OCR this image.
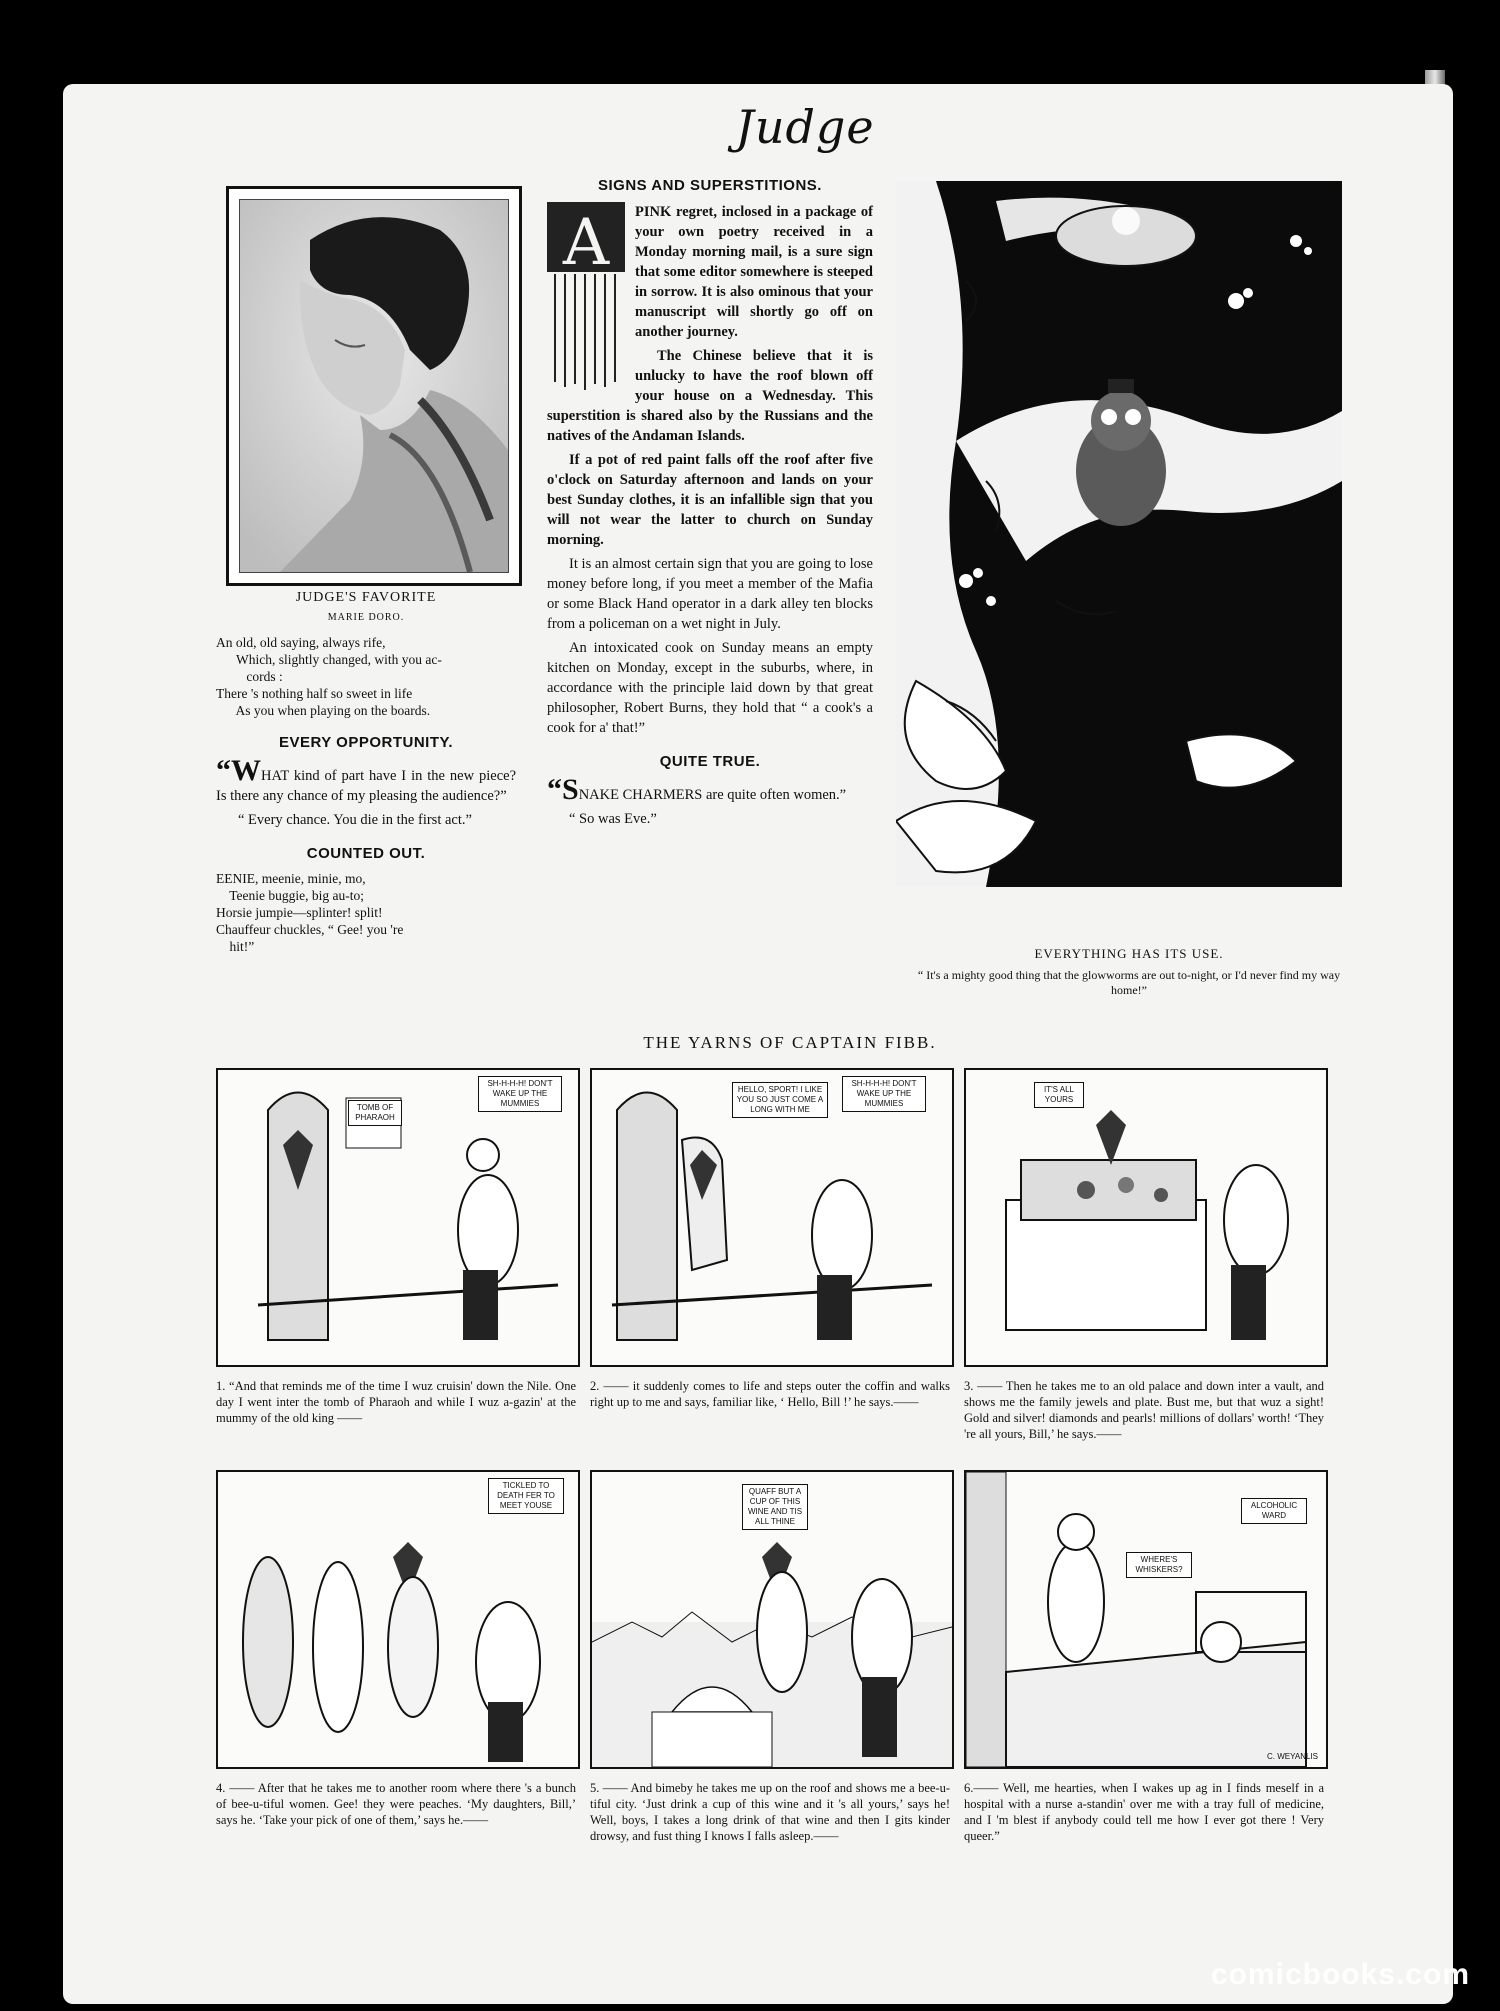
Judge
JUDGE'S FAVORITE
MARIE DORO.
An old, old saying, always rife,
Which, slightly changed, with you ac-
cords :
There 's nothing half so sweet in life
As you when playing on the boards.
EVERY OPPORTUNITY.

“WHAT kind of part have I in the new piece? Is there any chance of my pleasing the audience?”

“ Every chance. You die in the first act.”

COUNTED OUT.
EENIE, meenie, minie, mo,
Teenie buggie, big au-to;
Horsie jumpie—splinter! split!
Chauffeur chuckles, “ Gee! you 're
hit!”
SIGNS AND SUPERSTITIONS.
A	PINK regret, inclosed in a package of your own poetry received in a Monday morning mail, is a sure sign that some editor somewhere is steeped in sorrow. It is also ominous that your manuscript will shortly go off on another journey.

The Chinese believe that it is unlucky to have the roof blown off your house on a Wednesday. This superstition is shared also by the Russians and the natives of the Andaman Islands.

If a pot of red paint falls off the roof after five o'clock on Saturday afternoon and lands on your best Sunday clothes, it is an infallible sign that you will not wear the latter to church on Sunday morning.

It is an almost certain sign that you are going to lose money before long, if you meet a member of the Mafia or some Black Hand operator in a dark alley ten blocks from a policeman on a wet night in July.

An intoxicated cook on Sunday means an empty kitchen on Monday, except in the suburbs, where, in accordance with the principle laid down by that great philosopher, Robert Burns, they hold that “ a cook's a cook for a' that!”

QUITE TRUE.

“SNAKE CHARMERS are quite often women.”

“ So was Eve.”

EVERYTHING HAS ITS USE.
“ It's a mighty good thing that the glowworms are out to-night, or I'd never find my way home!”
THE YARNS OF CAPTAIN FIBB.
TOMB OF PHARAOH
SH-H-H-H! DON'T WAKE UP THE MUMMIES
1. “And that reminds me of the time I wuz cruisin' down the Nile. One day I went inter the tomb of Pharaoh and while I wuz a-gazin' at the mummy of the old king ——
HELLO, SPORT! I LIKE YOU SO JUST COME A LONG WITH ME
SH-H-H-H! DON'T WAKE UP THE MUMMIES
2. —— it suddenly comes to life and steps outer the coffin and walks right up to me and says, familiar like, ‘ Hello, Bill !’ he says.——
IT'S ALL YOURS
3. —— Then he takes me to an old palace and down inter a vault, and shows me the family jewels and plate. Bust me, but that wuz a sight! Gold and silver! diamonds and pearls! millions of dollars' worth! ‘They 're all yours, Bill,’ he says.——
TICKLED TO DEATH FER TO MEET YOUSE
4. —— After that he takes me to another room where there 's a bunch of bee-u-tiful women. Gee! they were peaches. ‘My daughters, Bill,’ says he. ‘Take your pick of one of them,’ says he.——
QUAFF BUT A CUP OF THIS WINE AND TIS ALL THINE
5. —— And bimeby he takes me up on the roof and shows me a bee-u-tiful city. ‘Just drink a cup of this wine and it 's all yours,’ says he! Well, boys, I takes a long drink of that wine and then I gits kinder drowsy, and fust thing I knows I falls asleep.——
WHERE'S WHISKERS?
ALCOHOLIC WARD
C. WEYANLIS
6.—— Well, me hearties, when I wakes up ag in I finds meself in a hospital with a nurse a-standin' over me with a tray full of medicine, and I 'm blest if anybody could tell me how I ever got there ! Very queer.”
comicbooks.com
